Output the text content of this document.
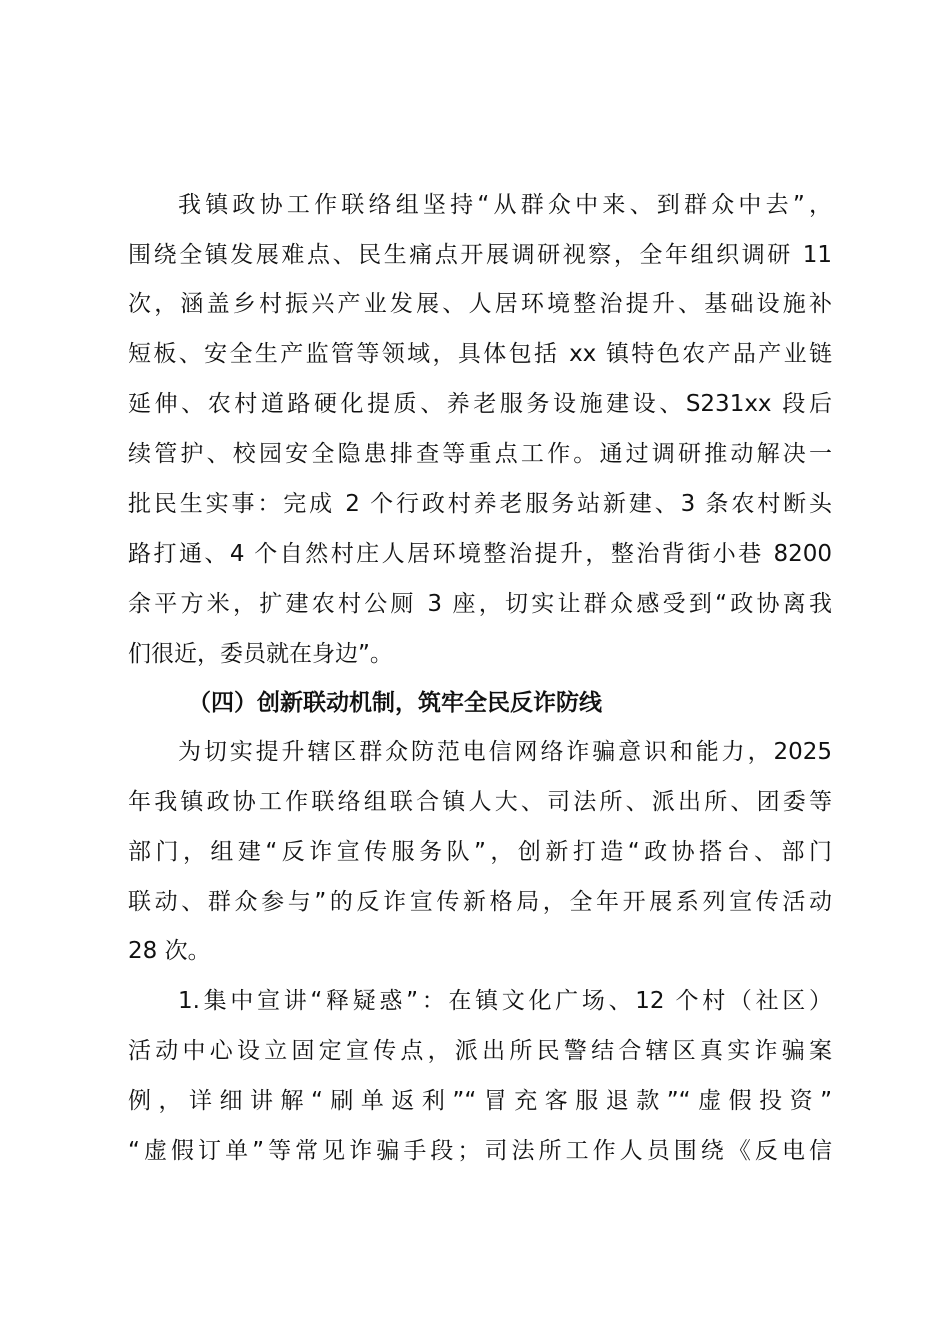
我镇政协工作联络组坚持“从群众中来、到群众中去”，
围绕全镇发展难点、民生痛点开展调研视察，全年组织调研 11
次，涵盖乡村振兴产业发展、人居环境整治提升、基础设施补
短板、安全生产监管等领域，具体包括 xx 镇特色农产品产业链
延伸、农村道路硬化提质、养老服务设施建设、S231xx 段后
续管护、校园安全隐患排查等重点工作。通过调研推动解决一
批民生实事：完成 2 个行政村养老服务站新建、3 条农村断头
路打通、4 个自然村庄人居环境整治提升，整治背街小巷 8200
余平方米，扩建农村公厕 3 座，切实让群众感受到“政协离我
们很近，委员就在身边”。
（四）创新联动机制，筑牢全民反诈防线
为切实提升辖区群众防范电信网络诈骗意识和能力，2025
年我镇政协工作联络组联合镇人大、司法所、派出所、团委等
部门，组建“反诈宣传服务队”，创新打造“政协搭台、部门
联动、群众参与”的反诈宣传新格局，全年开展系列宣传活动
28 次。
1.集中宣讲“释疑惑”：在镇文化广场、12 个村（社区）
活动中心设立固定宣传点，派出所民警结合辖区真实诈骗案
例，详细讲解“刷单返利”“冒充客服退款”“虚假投资”
“虚假订单”等常见诈骗手段；司法所工作人员围绕《反电信
